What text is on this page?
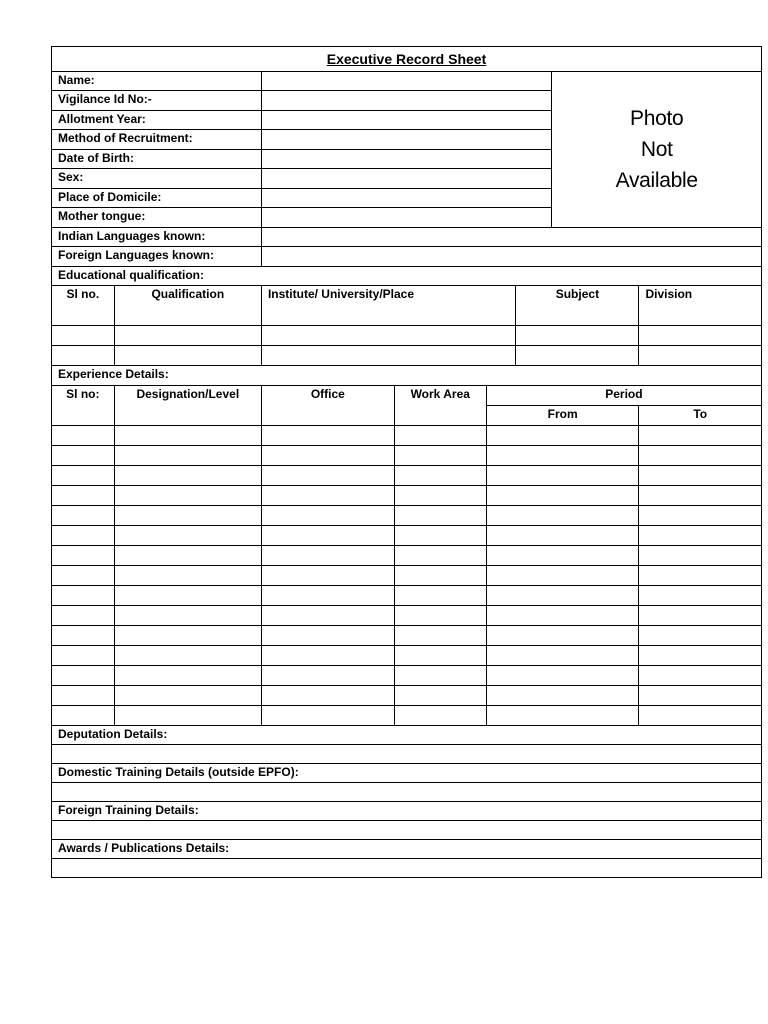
Executive Record Sheet							
Name:						Photo
Not
Available	

Vigilance Id No:-							
Allotment Year:							
Method of Recruitment:							
Date of Birth:							
Sex:							
Place of Domicile:							
Mother tongue:							
Indian Languages known:							
Foreign Languages known:							
Educational qualification:							
Sl no.	Qualification	Institute/ University/Place			Subject		Division

Experience Details:							
Sl no:	Designation/Level	Office	Work Area	Period			
				From			To

Deputation Details:							

Domestic Training Details (outside EPFO):							

Foreign Training Details:							

Awards / Publications Details:							
